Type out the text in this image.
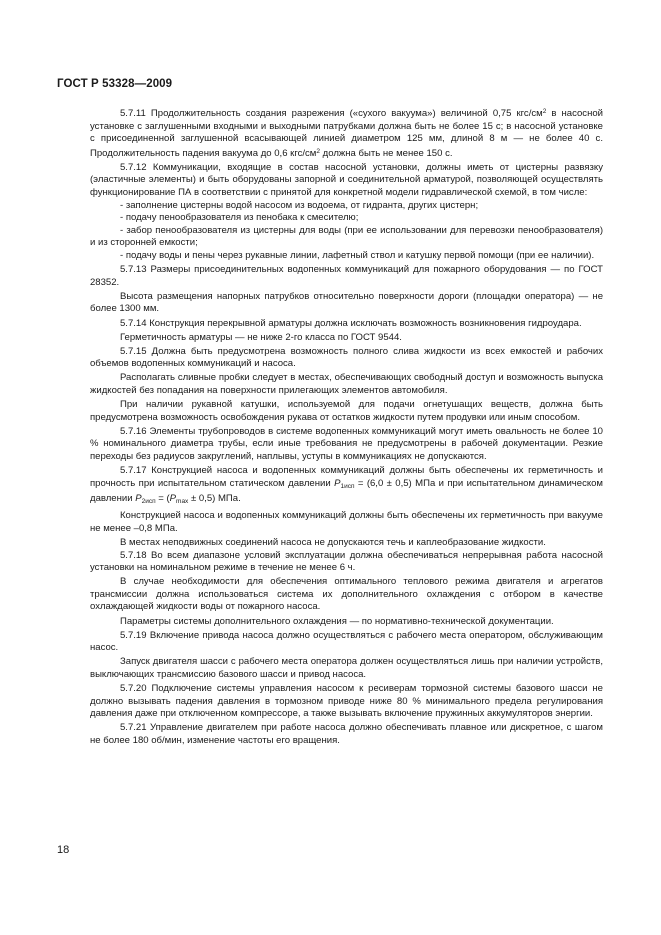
ГОСТ Р 53328—2009

5.7.11 Продолжительность создания разрежения («сухого вакуума») величиной 0,75 кгс/$см^2$ в насосной установке с заглушенными входными и выходными патрубками должна быть не более 15 с; в насосной установке с присоединенной заглушенной всасывающей линией диаметром 125 мм, длиной 8 м — не более 40 с. Продолжительность падения вакуума до 0,6 кгс/$см^2$ должна быть не менее 150 с.

5.7.12 Коммуникации, входящие в состав насосной установки, должны иметь от цистерны развязку (эластичные элементы) и быть оборудованы запорной и соединительной арматурой, позволяющей осуществлять функционирование ПА в соответствии с принятой для конкретной модели гидравлической схемой, в том числе:

- заполнение цистерны водой насосом из водоема, от гидранта, других цистерн;

- подачу пенообразователя из пенобака к смесителю;

- забор пенообразователя из цистерны для воды (при ее использовании для перевозки пенообразователя) и из сторонней емкости;

- подачу воды и пены через рукавные линии, лафетный ствол и катушку первой помощи (при ее наличии).

5.7.13 Размеры присоединительных водопенных коммуникаций для пожарного оборудования — по ГОСТ 28352.

Высота размещения напорных патрубков относительно поверхности дороги (площадки оператора) — не более 1300 мм.

5.7.14 Конструкция перекрывной арматуры должна исключать возможность возникновения гидроудара.

Герметичность арматуры — не ниже 2-го класса по ГОСТ 9544.

5.7.15 Должна быть предусмотрена возможность полного слива жидкости из всех емкостей и рабочих объемов водопенных коммуникаций и насоса.

Располагать сливные пробки следует в местах, обеспечивающих свободный доступ и возможность выпуска жидкостей без попадания на поверхности прилегающих элементов автомобиля.

При наличии рукавной катушки, используемой для подачи огнетушащих веществ, должна быть предусмотрена возможность освобождения рукава от остатков жидкости путем продувки или иным способом.

5.7.16 Элементы трубопроводов в системе водопенных коммуникаций могут иметь овальность не более 10 % номинального диаметра трубы, если иные требования не предусмотрены в рабочей документации. Резкие переходы без радиусов закруглений, наплывы, уступы в коммуникациях не допускаются.

5.7.17 Конструкцией насоса и водопенных коммуникаций должны быть обеспечены их герметичность и прочность при испытательном статическом давлении $P_{1исп} = (6,0 \pm 0,5)$ МПа и при испытательном динамическом давлении $P_{2исп} = (P_{max} \pm 0,5)$ МПа.

Конструкцией насоса и водопенных коммуникаций должны быть обеспечены их герметичность при вакууме не менее –0,8 МПа.

В местах неподвижных соединений насоса не допускаются течь и каплеобразование жидкости.

5.7.18 Во всем диапазоне условий эксплуатации должна обеспечиваться непрерывная работа насосной установки на номинальном режиме в течение не менее 6 ч.

В случае необходимости для обеспечения оптимального теплового режима двигателя и агрегатов трансмиссии должна использоваться система их дополнительного охлаждения с отбором в качестве охлаждающей жидкости воды от пожарного насоса.

Параметры системы дополнительного охлаждения — по нормативно-технической документации.

5.7.19 Включение привода насоса должно осуществляться с рабочего места оператором, обслуживающим насос.

Запуск двигателя шасси с рабочего места оператора должен осуществляться лишь при наличии устройств, выключающих трансмиссию базового шасси и привод насоса.

5.7.20 Подключение системы управления насосом к ресиверам тормозной системы базового шасси не должно вызывать падения давления в тормозном приводе ниже 80 % минимального предела регулирования давления даже при отключенном компрессоре, а также вызывать включение пружинных аккумуляторов энергии.

5.7.21 Управление двигателем при работе насоса должно обеспечивать плавное или дискретное, с шагом не более 180 об/мин, изменение частоты его вращения.

18
